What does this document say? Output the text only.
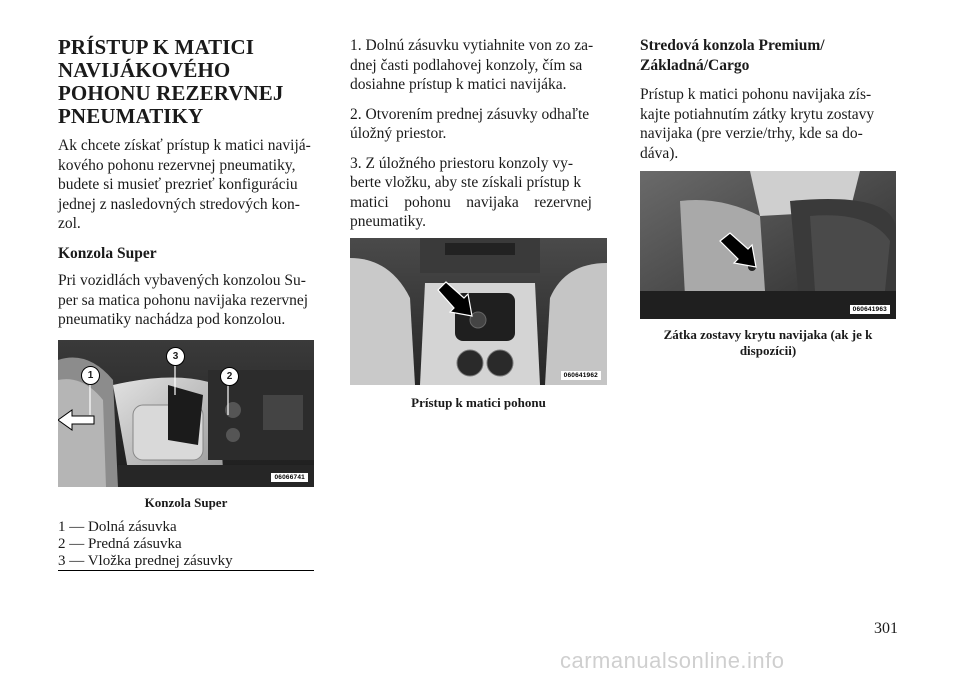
PRÍSTUP K MATICI
NAVIJÁKOVÉHO
POHONU REZERVNEJ
PNEUMATIKY
Ak chcete získať prístup k matici navijá-
kového pohonu rezervnej pneumatiky,
budete si musieť prezrieť konfiguráciu
jednej z nasledovných stredových kon-
zol.
Konzola Super
Pri vozidlách vybavených konzolou Su-
per sa matica pohonu navijaka rezervnej
pneumatiky nachádza pod konzolou.
1
3
2
06066741
Konzola Super
1 — Dolná zásuvka
2 — Predná zásuvka
3 — Vložka prednej zásuvky
1. Dolnú zásuvku vytiahnite von zo za-
dnej časti podlahovej konzoly, čím sa
dosiahne prístup k matici naviјáka.
2. Otvorením prednej zásuvky odhaľte
úložný priestor.
3. Z úložného priestoru konzoly vy-
berte vložku, aby ste získali prístup k
matici    pohonu    navijaka    rezervnej
pneumatiky.
060641962
Prístup k matici pohonu
Stredová konzola Premium/
Základná/Cargo
Prístup k matici pohonu navijaka zís-
kajte potiahnutím zátky krytu zostavy
navijaka (pre verzie/trhy, kde sa do-
dáva).
060641963
Zátka zostavy krytu navijaka (ak je k
dispozícii)
301
carmanualsonline.info
